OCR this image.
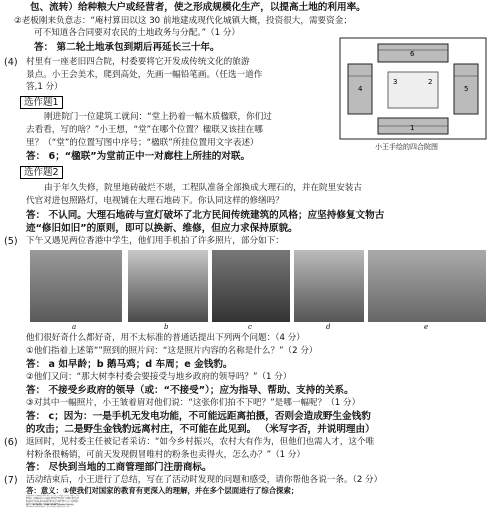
包、流转）给种粮大户或经营者，使之形成规模化生产，以提高土地的利用率。
②老板刚来负意志：“庵村算田以这 30 前地建成现代化城镇大概，投资很大，需要资金；
可不知道各合同要对农民的土地政务与分配。”（1 分）
答： 第二轮土地承包到期后再延长三十年。
(4) 村里有一座老旧四合院，村委要将它开发成传统文化的旅游
景点。小王会美术，爬到高处，先画一幅铅笔画。（任选一道作
答,1 分）
选作题1
刚进院门一位建筑工就问：“堂上扔着一幅木质楹联，你们过
去看看，写的啥？”小王想，“堂”在哪个位置？楹联又该挂在哪
里？（“堂”的位置写图中序号；“楹联”所挂位置用文字表述）
答： 6；“楹联”为堂前正中一对廊柱上所挂的对联。
6
4	5
1
3	2
小王手绘的四合院图
选作题2
由于年久失修，院里地砖破烂不堪，工程队准备全部换成大理石的，并在院里安装古
代官对进包照路灯，电视铺在大理石地砖下。你认同这样的修缮吗？
答： 不认同。大理石地砖与宣灯破坏了北方民间传统建筑的风格；应坚持修复文物古
迹“修旧如旧”的原则，即可以换新、维修，但应力求保持原貌。
(5) 下午又遇见两位香港中学生，他们用手机拍了许多照片，部分如下：
a	b	c	d	e
他们很好奇什么都好奇，用不太标准的普通话提出下列两个问题：（4 分）
①他们指着上述第“”照到的照片问：“这是照片内容的名称是什么？”（2 分）
答： a 如早龄；b 鹅马鸡；d 车周；e 金钱豹。
②他们又问：“那大树李村委会要接受与地乡政府的领导吗？”（1 分）
答： 不接受乡政府的领导（或：“不接受”）；应为指导、帮助、支持的关系。
③对其中一幅照片，小王皱着眉对他们说：“这张你们拍不下吧？”是哪一幅呢？（1 分）
答： c；因为：一是手机无发电功能，不可能远距离拍摄，否则会造成野生金钱豹
的攻击；二是野生金钱豹远离村庄，不可能在此见到。 （米写字否，并说明理由）
(6) 返回时，见村委主任被记者采访：“如今乡村振兴，农村大有作为，但他们也需人才，这个唯
村粉条很畅销，可前天发现假冒唯村的粉条也卖得火，怎么办？”（1 分）
答： 尽快到当地的工商管理部门注册商标。
(7) 活动结束后，小王进行了总结，写在了活动时发现的问题和感受，请你帮他各说一条。（2 分）
答：意义：①使我们对国家的教育有更深入的理解，并在多个层面进行了综合探索；
②使我们有机会接触到鲜活的农村现实生活，培养了大家的社会责任感；③通过一天的
调查活动，大家的团队合作、表达交流、组织协调等多方面的社会实践能力都得到了锻
炼与提高；④将课本知识与社会实践有机结合起来，活学活用，学以致用。⑤进一步了
解了农村的民风民情，增加了热爱家乡的情感；⑥直接地接触到了十九大以后基层农村
的最新变化，感受到新时代带来的新气象；⑦拓宽了视野，增长了见识，尤其是增强了
对中外文化的了解与体验，包括与世界文明对话的意识。
问题：①一整天的实践活动，明显偏离了本次调查“当地贫困现状”的活动主题；
②整个调查活动过程存在随意性，看不出应有的活动安排与计划；等等。
